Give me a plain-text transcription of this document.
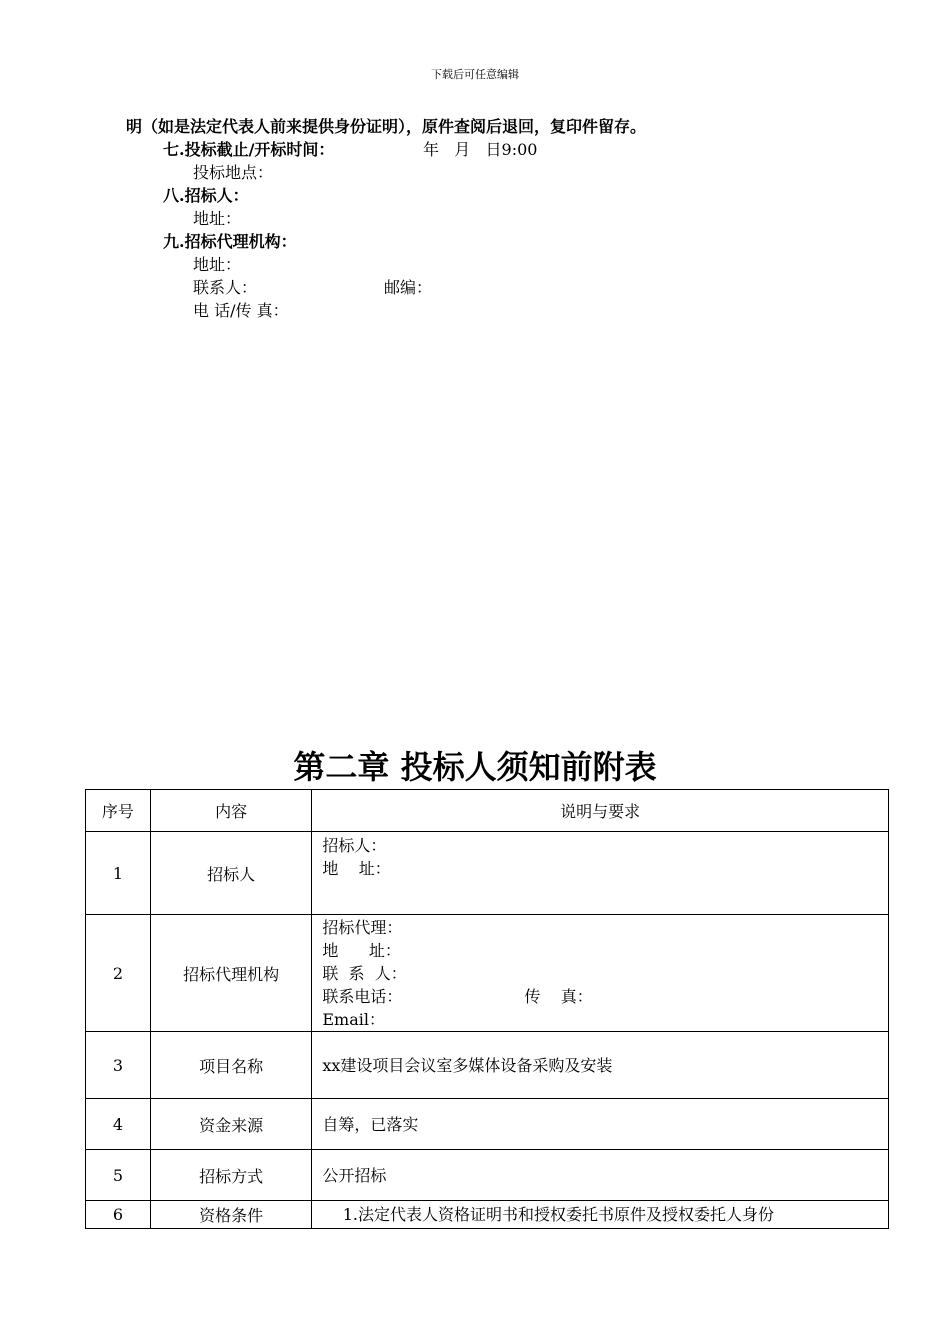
下载后可任意编辑
明（如是法定代表人前来提供身份证明），原件查阅后退回，复印件留存。
七.投标截止/开标时间：	年   月   日9:00
投标地点：
八.招标人：
地址：
九.招标代理机构：
地址：
联系人：	邮编：
电 话/传 真：
第二章 投标人须知前附表
序号	内容	说明与要求
1	招标人	招标人：
地    址：

2	招标代理机构	招标代理：
地      址：
联  系  人：
联系电话：                        传    真：
Email：

3	项目名称	xx建设项目会议室多媒体设备采购及安装

4	资金来源	自筹，已落实

5	招标方式	公开招标

6	资格条件	1.法定代表人资格证明书和授权委托书原件及授权委托人身份
